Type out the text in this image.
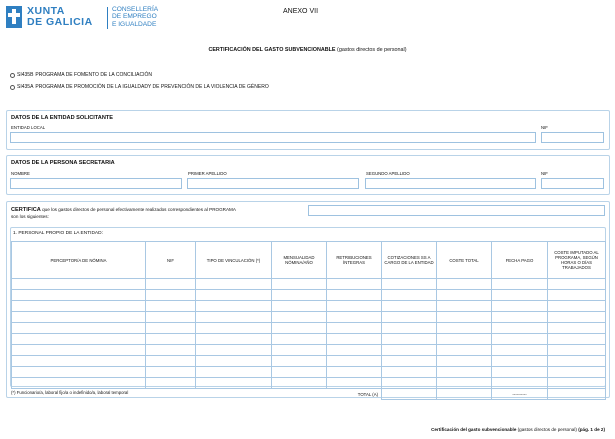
XUNTA
DE GALICIA
CONSELLERÍA
DE EMPREGO
E IGUALDADE
ANEXO VII
CERTIFICACIÓN DEL GASTO SUBVENCIONABLE (gastos directos de personal)
SI435B PROGRAMA DE FOMENTO DE LA CONCILIACIÓN
SI435A PROGRAMA DE PROMOCIÓN DE LA IGUALDADY DE PREVENCIÓN DE LA VIOLENCIA DE GÉNERO
DATOS DE LA ENTIDAD SOLICITANTE
ENTIDAD LOCAL	NIF
DATOS DE LA PERSONA SECRETARIA
NOMBRE	PRIMER APELLIDO	SEGUNDO APELLIDO	NIF
CERTIFICA que los gastos directos de personal efectivamente realizados correspondientes al PROGRAMA
son los siguientes:
1. PERSONAL PROPIO DE LA ENTIDAD:
PERCEPTOR/A DE NÓMINA	NIF	TIPO DE VINCULACIÓN (*)	MENSUALIDAD NÓMINA/AÑO	RETRIBUCIONES ÍNTEGRAS	COTIZACIONES SS A CARGO DE LA ENTIDAD	COSTE TOTAL	FECHA PAGO	COSTE IMPUTADO AL PROGRAMA, SEGÚN HORAS O DÍAS TRABAJADOS

TOTAL (A)							----------	
(*) Funcionario/a, laboral fijo/a o indefinido/a, laboral temporal
Certificación del gasto subvencionable (gastos directos de personal) (pág. 1 de 2)
